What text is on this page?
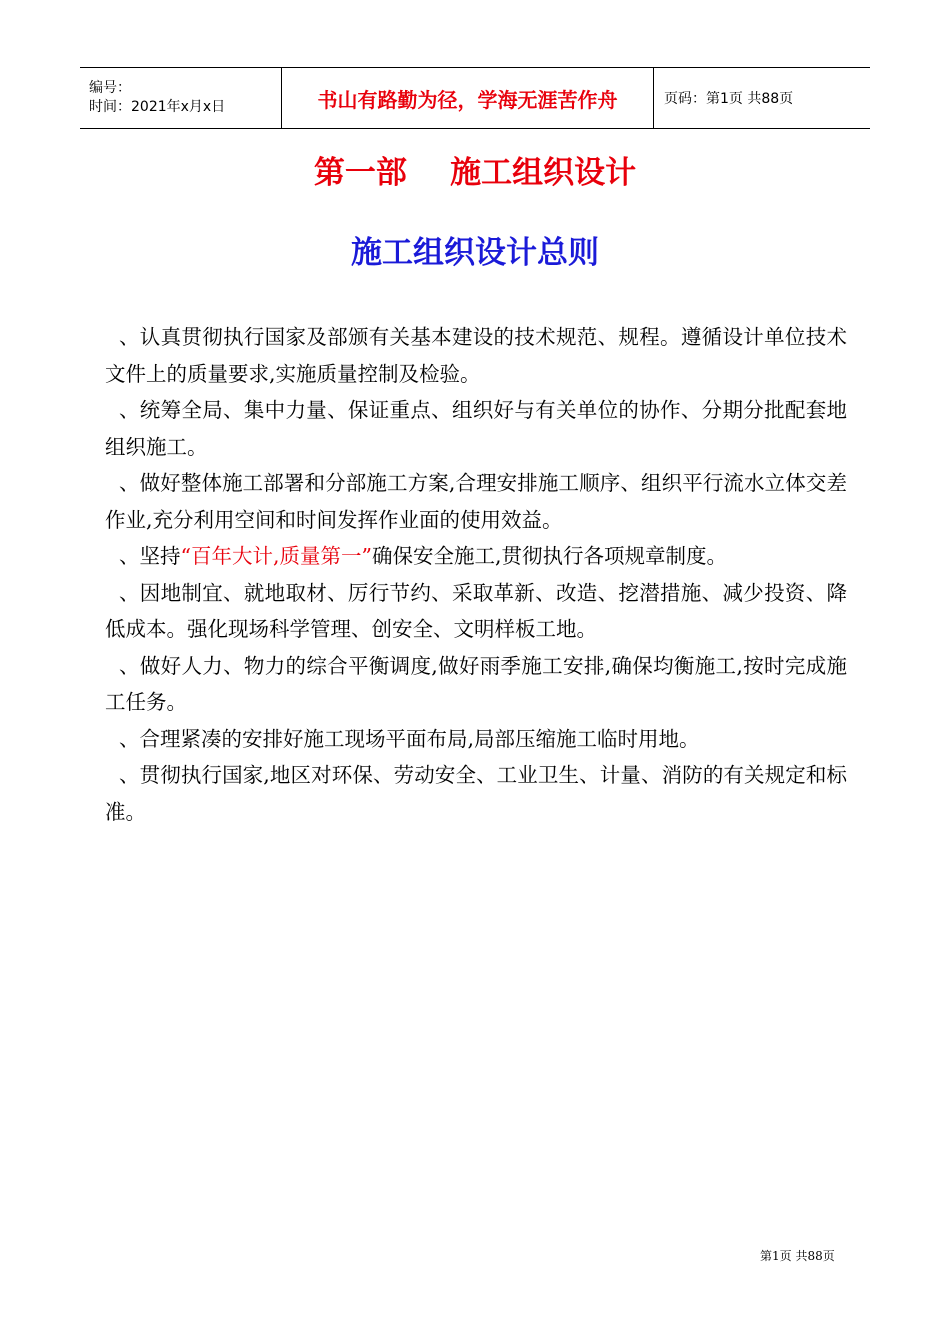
编号：
时间：2021年x月x日	书山有路勤为径，学海无涯苦作舟	页码：第1页 共88页
第一部    施工组织设计
施工组织设计总则

、认真贯彻执行国家及部颁有关基本建设的技术规范、规程。遵循设计单位技术文件上的质量要求,实施质量控制及检验。

、统筹全局、集中力量、保证重点、组织好与有关单位的协作、分期分批配套地组织施工。

、做好整体施工部署和分部施工方案,合理安排施工顺序、组织平行流水立体交差作业,充分利用空间和时间发挥作业面的使用效益。

、坚持“百年大计,质量第一”确保安全施工,贯彻执行各项规章制度。

、因地制宜、就地取材、厉行节约、采取革新、改造、挖潜措施、减少投资、降低成本。强化现场科学管理、创安全、文明样板工地。

、做好人力、物力的综合平衡调度,做好雨季施工安排,确保均衡施工,按时完成施工任务。

、合理紧凑的安排好施工现场平面布局,局部压缩施工临时用地。

、贯彻执行国家,地区对环保、劳动安全、工业卫生、计量、消防的有关规定和标准。

第1页 共88页
